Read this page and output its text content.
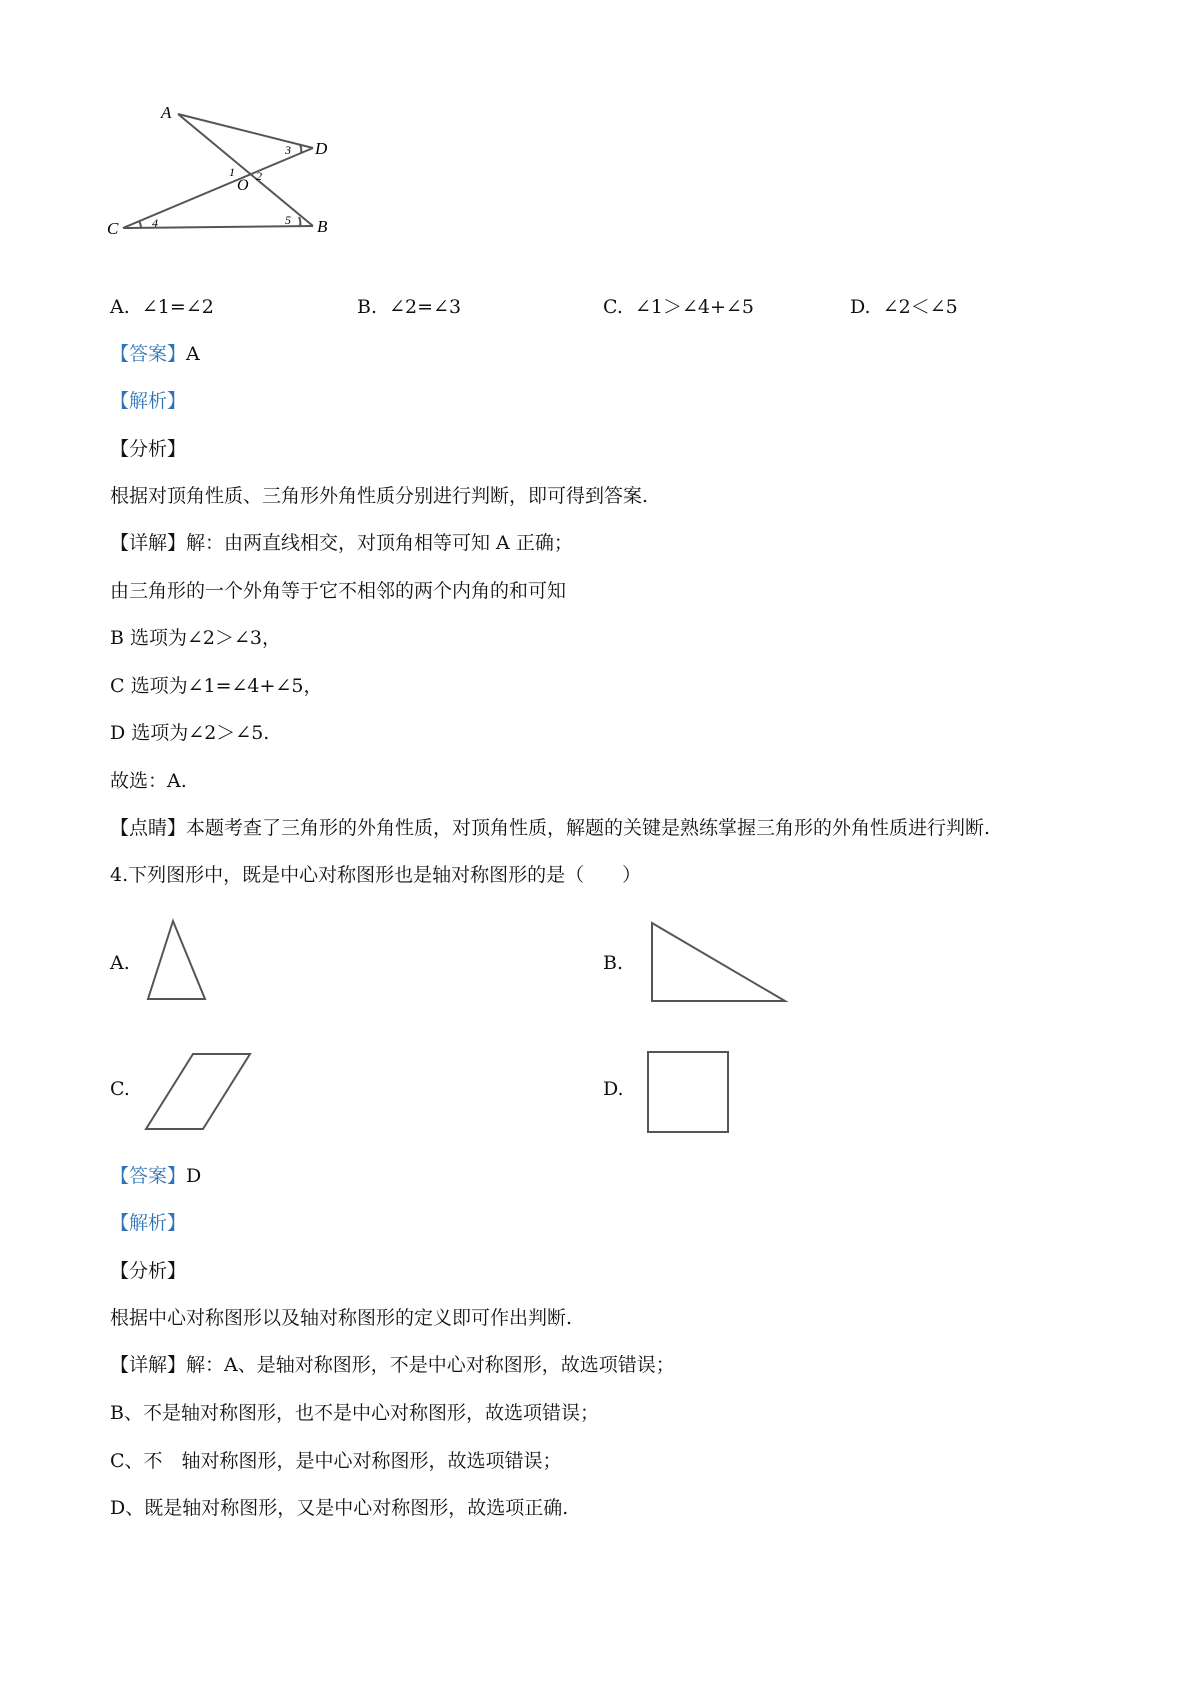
A
D
C	B
O
1 2
3
4	5
A. ∠1=∠2	B. ∠2=∠3	C. ∠1＞∠4+∠5	D. ∠2＜∠5
【答案】A
【解析】
【分析】
根据对顶角性质、三角形外角性质分别进行判断，即可得到答案.
【详解】解：由两直线相交，对顶角相等可知 A 正确；
由三角形的一个外角等于它不相邻的两个内角的和可知
B 选项为∠2＞∠3，
C 选项为∠1=∠4+∠5，
D 选项为∠2＞∠5.
故选：A.
【点睛】本题考查了三角形的外角性质，对顶角性质，解题的关键是熟练掌握三角形的外角性质进行判断.
4.下列图形中，既是中心对称图形也是轴对称图形的是（　　）
A.	B.
C.	D.
【答案】D
【解析】
【分析】
根据中心对称图形以及轴对称图形的定义即可作出判断.
【详解】解：A、是轴对称图形，不是中心对称图形，故选项错误；
B、不是轴对称图形，也不是中心对称图形，故选项错误；
C、不　轴对称图形，是中心对称图形，故选项错误；
D、既是轴对称图形，又是中心对称图形，故选项正确.
